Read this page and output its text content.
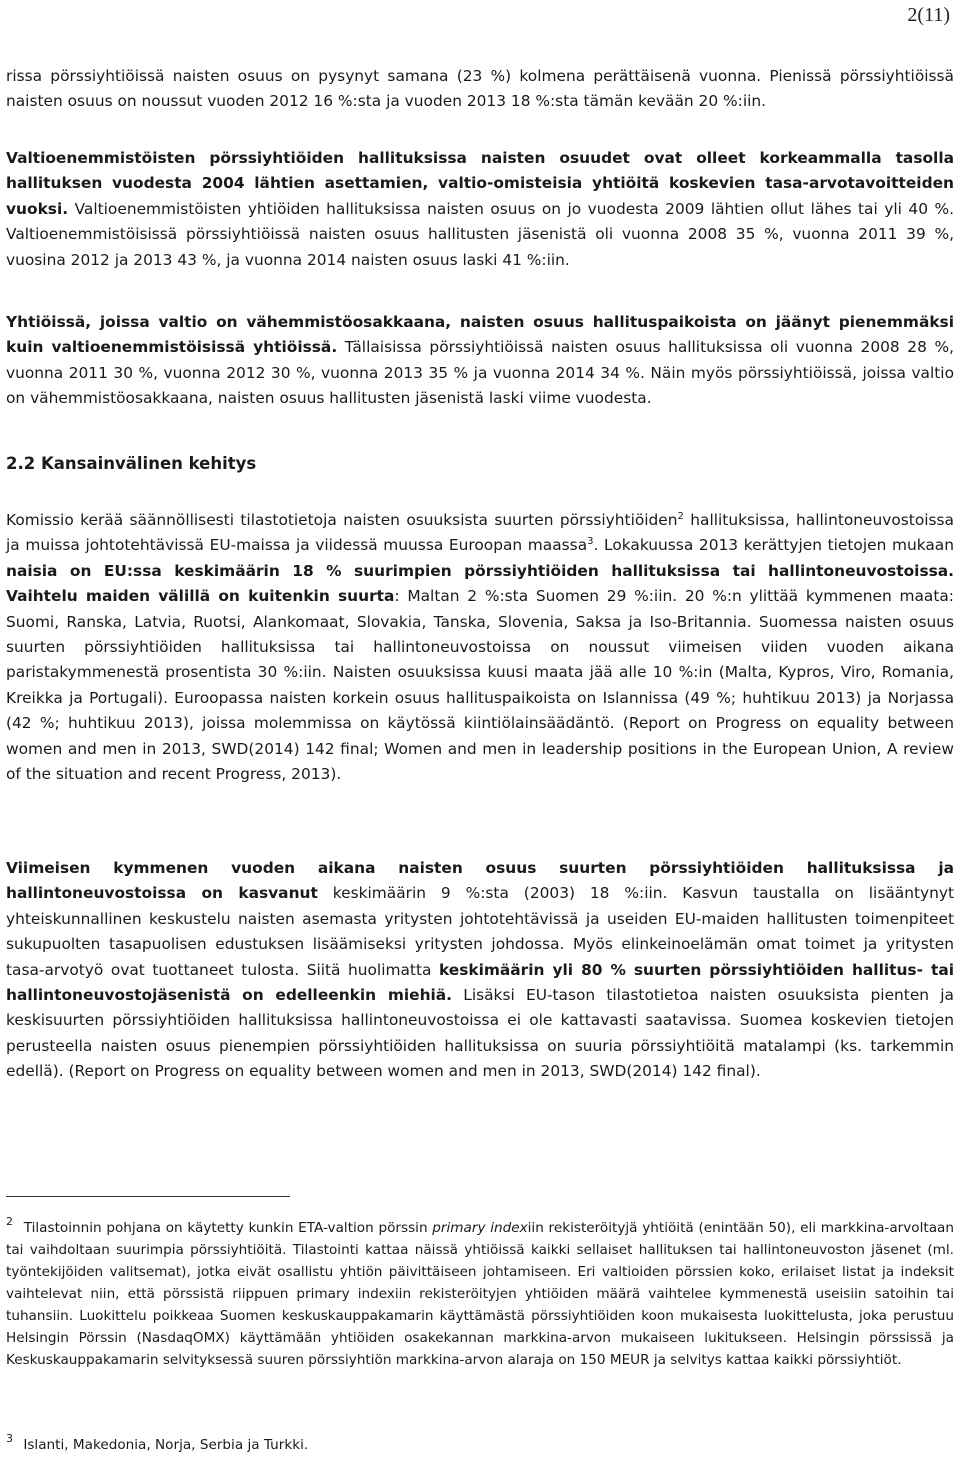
2(11)

rissa pörssiyhtiöissä naisten osuus on pysynyt samana (23 %) kolmena perättäisenä vuonna. Pienissä pörssiyhtiöissä naisten osuus on noussut vuoden 2012 16 %:sta ja vuoden 2013 18 %:sta tämän kevään 20 %:iin.

Valtioenemmistöisten pörssiyhtiöiden hallituksissa naisten osuudet ovat olleet korkeammalla tasolla hallituksen vuodesta 2004 lähtien asettamien, valtio-omisteisia yhtiöitä koskevien tasa-arvotavoitteiden vuoksi. Valtioenemmistöisten yhtiöiden hallituksissa naisten osuus on jo vuodesta 2009 lähtien ollut lähes tai yli 40 %. Valtioenemmistöisissä pörssiyhtiöissä naisten osuus hallitusten jäsenistä oli vuonna 2008 35 %, vuonna 2011 39 %, vuosina 2012 ja 2013 43 %, ja vuonna 2014 naisten osuus laski 41 %:iin.

Yhtiöissä, joissa valtio on vähemmistöosakkaana, naisten osuus hallituspaikoista on jäänyt pienemmäksi kuin valtioenemmistöisissä yhtiöissä. Tällaisissa pörssiyhtiöissä naisten osuus hallituksissa oli vuonna 2008 28 %, vuonna 2011 30 %, vuonna 2012 30 %, vuonna 2013 35 % ja vuonna 2014 34 %. Näin myös pörssiyhtiöissä, joissa valtio on vähemmistöosakkaana, naisten osuus hallitusten jäsenistä laski viime vuodesta.

2.2 Kansainvälinen kehitys

Komissio kerää säännöllisesti tilastotietoja naisten osuuksista suurten pörssiyhtiöiden$^2$ hallituksissa, hallintoneuvostoissa ja muissa johtotehtävissä EU-maissa ja viidessä muussa Euroopan maassa$^3$. Lokakuussa 2013 kerättyjen tietojen mukaan naisia on EU:ssa keskimäärin 18 % suurimpien pörssiyhtiöiden hallituksissa tai hallintoneuvostoissa. Vaihtelu maiden välillä on kuitenkin suurta: Maltan 2 %:sta Suomen 29 %:iin. 20 %:n ylittää kymmenen maata: Suomi, Ranska, Latvia, Ruotsi, Alankomaat, Slovakia, Tanska, Slovenia, Saksa ja Iso-Britannia. Suomessa naisten osuus suurten pörssiyhtiöiden hallituksissa tai hallintoneuvostoissa on noussut viimeisen viiden vuoden aikana paristakymmenestä prosentista 30 %:iin. Naisten osuuksissa kuusi maata jää alle 10 %:in (Malta, Kypros, Viro, Romania, Kreikka ja Portugali). Euroopassa naisten korkein osuus hallituspaikoista on Islannissa (49 %; huhtikuu 2013) ja Norjassa (42 %; huhtikuu 2013), joissa molemmissa on käytössä kiintiölainsäädäntö. (Report on Progress on equality between women and men in 2013, SWD(2014) 142 final; Women and men in leadership positions in the European Union, A review of the situation and recent Progress, 2013).

Viimeisen kymmenen vuoden aikana naisten osuus suurten pörssiyhtiöiden hallituksissa ja hallintoneuvostoissa on kasvanut keskimäärin 9 %:sta (2003) 18 %:iin. Kasvun taustalla on lisääntynyt yhteiskunnallinen keskustelu naisten asemasta yritysten johtotehtävissä ja useiden EU-maiden hallitusten toimenpiteet sukupuolten tasapuolisen edustuksen lisäämiseksi yritysten johdossa. Myös elinkeinoelämän omat toimet ja yritysten tasa-arvotyö ovat tuottaneet tulosta. Siitä huolimatta keskimäärin yli 80 % suurten pörssiyhtiöiden hallitus- tai hallintoneuvostojäsenistä on edelleenkin miehiä. Lisäksi EU-tason tilastotietoa naisten osuuksista pienten ja keskisuurten pörssiyhtiöiden hallituksissa hallintoneuvostoissa ei ole kattavasti saatavissa. Suomea koskevien tietojen perusteella naisten osuus pienempien pörssiyhtiöiden hallituksissa on suuria pörssiyhtiöitä matalampi (ks. tarkemmin edellä). (Report on Progress on equality between women and men in 2013, SWD(2014) 142 final).

$^2$ Tilastoinnin pohjana on käytetty kunkin ETA-valtion pörssin primary indexiin rekisteröityjä yhtiöitä (enintään 50), eli markkina-arvoltaan tai vaihdoltaan suurimpia pörssiyhtiöitä. Tilastointi kattaa näissä yhtiöissä kaikki sellaiset hallituksen tai hallintoneuvoston jäsenet (ml. työntekijöiden valitsemat), jotka eivät osallistu yhtiön päivittäiseen johtamiseen. Eri valtioiden pörssien koko, erilaiset listat ja indeksit vaihtelevat niin, että pörssistä riippuen primary indexiin rekisteröityjen yhtiöiden määrä vaihtelee kymmenestä useisiin satoihin tai tuhansiin. Luokittelu poikkeaa Suomen keskuskauppakamarin käyttämästä pörssiyhtiöiden koon mukaisesta luokittelusta, joka perustuu Helsingin Pörssin (NasdaqOMX) käyttämään yhtiöiden osakekannan markkina-arvon mukaiseen lukitukseen. Helsingin pörssissä ja Keskuskauppakamarin selvityksessä suuren pörssiyhtiön markkina-arvon alaraja on 150 MEUR ja selvitys kattaa kaikki pörssiyhtiöt.

$^3$ Islanti, Makedonia, Norja, Serbia ja Turkki.
